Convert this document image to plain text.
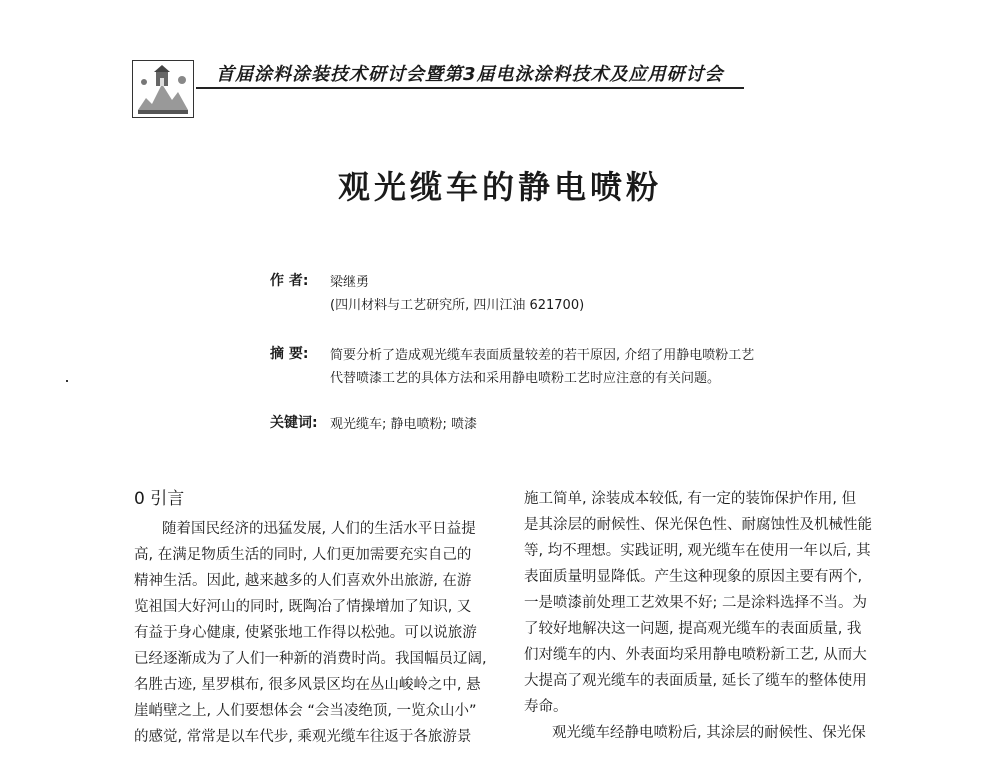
首届涂料涂装技术研讨会暨第3届电泳涂料技术及应用研讨会
观光缆车的静电喷粉
作 者: 梁继勇
(四川材料与工艺研究所, 四川江油 621700)
摘 要: 简要分析了造成观光缆车表面质量较差的若干原因, 介绍了用静电喷粉工艺
代替喷漆工艺的具体方法和采用静电喷粉工艺时应注意的有关问题。
关键词: 观光缆车; 静电喷粉; 喷漆

0 引言

随着国民经济的迅猛发展, 人们的生活水平日益提

高, 在满足物质生活的同时, 人们更加需要充实自己的

精神生活。因此, 越来越多的人们喜欢外出旅游, 在游

览祖国大好河山的同时, 既陶冶了情操增加了知识, 又

有益于身心健康, 使紧张地工作得以松弛。可以说旅游

已经逐渐成为了人们一种新的消费时尚。我国幅员辽阔,

名胜古迹, 星罗棋布, 很多风景区均在丛山峻岭之中, 悬

崖峭壁之上, 人们要想体会 “会当凌绝顶, 一览众山小”

的感觉, 常常是以车代步, 乘观光缆车往返于各旅游景

施工简单, 涂装成本较低, 有一定的装饰保护作用, 但

是其涂层的耐候性、保光保色性、耐腐蚀性及机械性能

等, 均不理想。实践证明, 观光缆车在使用一年以后, 其

表面质量明显降低。产生这种现象的原因主要有两个,

一是喷漆前处理工艺效果不好; 二是涂料选择不当。为

了较好地解决这一问题, 提高观光缆车的表面质量, 我

们对缆车的内、外表面均采用静电喷粉新工艺, 从而大

大提高了观光缆车的表面质量, 延长了缆车的整体使用

寿命。

观光缆车经静电喷粉后, 其涂层的耐候性、保光保
